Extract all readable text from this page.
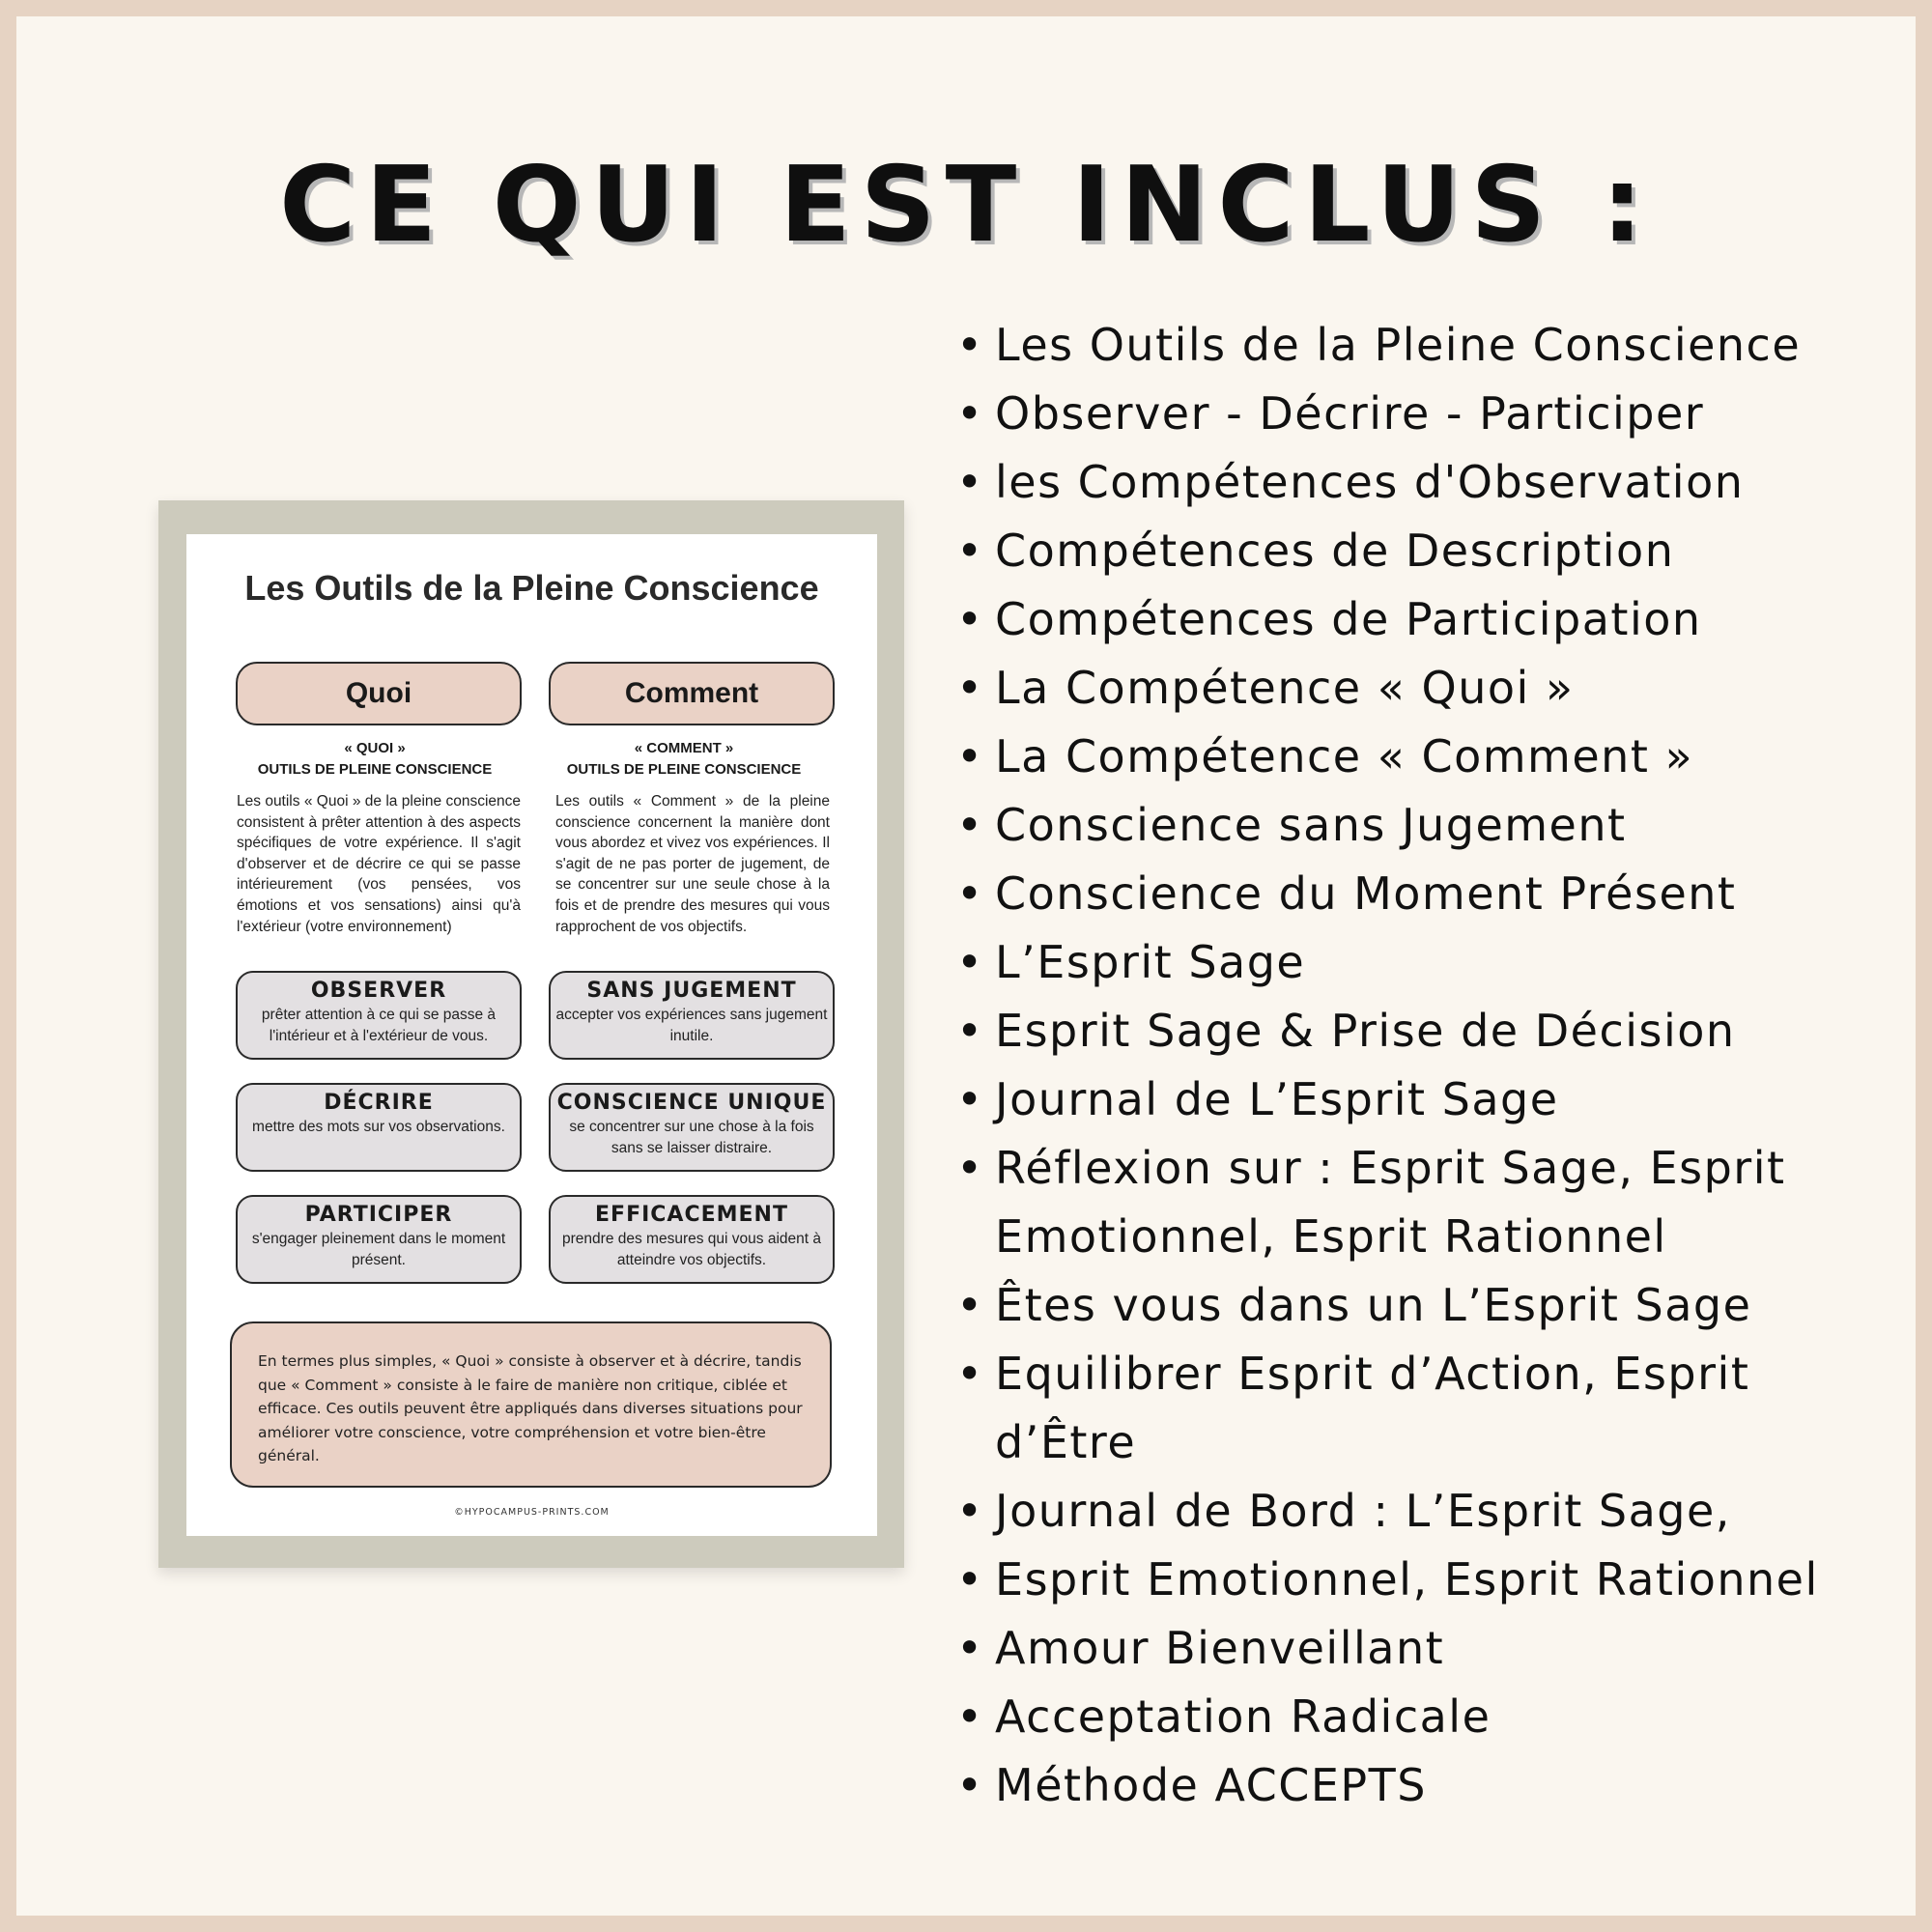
CE QUI EST INCLUS :
• Les Outils de la Pleine Conscience
• Observer - Décrire - Participer
• les Compétences d'Observation
• Compétences de Description
• Compétences de Participation
• La Compétence « Quoi »
• La Compétence « Comment »
• Conscience sans Jugement
• Conscience du Moment Présent
• L’Esprit Sage
• Esprit Sage & Prise de Décision
• Journal de L’Esprit Sage
• Réflexion sur : Esprit Sage, Esprit
Emotionnel, Esprit Rationnel
• Êtes vous dans un L’Esprit Sage
• Equilibrer Esprit d’Action, Esprit
d’Être
• Journal de Bord : L’Esprit Sage,
• Esprit Emotionnel, Esprit Rationnel
• Amour Bienveillant
• Acceptation Radicale
• Méthode ACCEPTS
Les Outils de la Pleine Conscience
Quoi	Comment
« QUOI »
OUTILS DE PLEINE CONSCIENCE
« COMMENT »
OUTILS DE PLEINE CONSCIENCE

Les outils « Quoi » de la pleine conscience consistent à prêter attention à des aspects spécifiques de votre expérience. Il s'agit d'observer et de décrire ce qui se passe intérieurement (vos pensées, vos émotions et vos sensations) ainsi qu'à l'extérieur (votre environnement)

Les outils « Comment » de la pleine conscience concernent la manière dont vous abordez et vivez vos expériences. Il s'agit de ne pas porter de jugement, de se concentrer sur une seule chose à la fois et de prendre des mesures qui vous rapprochent de vos objectifs.

OBSERVER
prêter attention à ce qui se passe à l'intérieur et à l'extérieur de vous.
DÉCRIRE
mettre des mots sur vos observations.
PARTICIPER
s'engager pleinement dans le moment présent.
SANS JUGEMENT
accepter vos expériences sans jugement inutile.
CONSCIENCE UNIQUE
se concentrer sur une chose à la fois sans se laisser distraire.
EFFICACEMENT
prendre des mesures qui vous aident à atteindre vos objectifs.

En termes plus simples, « Quoi » consiste à observer et à décrire, tandis que « Comment » consiste à le faire de manière non critique, ciblée et efficace. Ces outils peuvent être appliqués dans diverses situations pour améliorer votre conscience, votre compréhension et votre bien-être général.

©HYPOCAMPUS-PRINTS.COM
